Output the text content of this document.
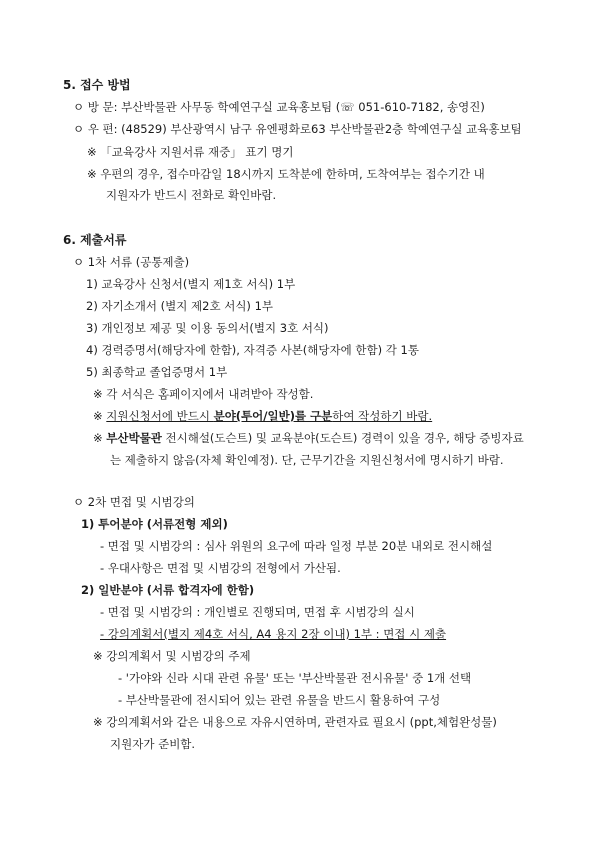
5. 접수 방법
ㅇ 방 문: 부산박물관 사무동 학예연구실 교육홍보팀 (☏ 051-610-7182, 송영진)
ㅇ 우 편: (48529) 부산광역시 남구 유엔평화로63 부산박물관2층 학예연구실 교육홍보팀
※ 「교육강사 지원서류 재중」 표기 명기
※ 우편의 경우, 접수마감일 18시까지 도착분에 한하며, 도착여부는 접수기간 내
지원자가 반드시 전화로 확인바람.
6. 제출서류
ㅇ 1차 서류 (공통제출)
1) 교육강사 신청서(별지 제1호 서식) 1부
2) 자기소개서 (별지 제2호 서식) 1부
3) 개인정보 제공 및 이용 동의서(별지 3호 서식)
4) 경력증명서(해당자에 한함), 자격증 사본(해당자에 한함) 각 1통
5) 최종학교 졸업증명서 1부
※ 각 서식은 홈페이지에서 내려받아 작성함.
※ 지원신청서에 반드시 분야(투어/일반)를 구분하여 작성하기 바람.
※ 부산박물관 전시해설(도슨트) 및 교육분야(도슨트) 경력이 있을 경우, 해당 증빙자료
는 제출하지 않음(자체 확인예정). 단, 근무기간을 지원신청서에 명시하기 바람.
ㅇ 2차 면접 및 시범강의
1) 투어분야 (서류전형 제외)
- 면접 및 시범강의 : 심사 위원의 요구에 따라 일정 부분 20분 내외로 전시해설
- 우대사항은 면접 및 시범강의 전형에서 가산됨.
2) 일반분야 (서류 합격자에 한함)
- 면접 및 시범강의 : 개인별로 진행되며, 면접 후 시범강의 실시
- 강의계획서(별지 제4호 서식, A4 용지 2장 이내) 1부 : 면접 시 제출
※ 강의계획서 및 시범강의 주제
- '가야와 신라 시대 관련 유물' 또는 '부산박물관 전시유물' 중 1개 선택
- 부산박물관에 전시되어 있는 관련 유물을 반드시 활용하여 구성
※ 강의계획서와 같은 내용으로 자유시연하며, 관련자료 필요시 (ppt,체험완성물)
지원자가 준비함.
